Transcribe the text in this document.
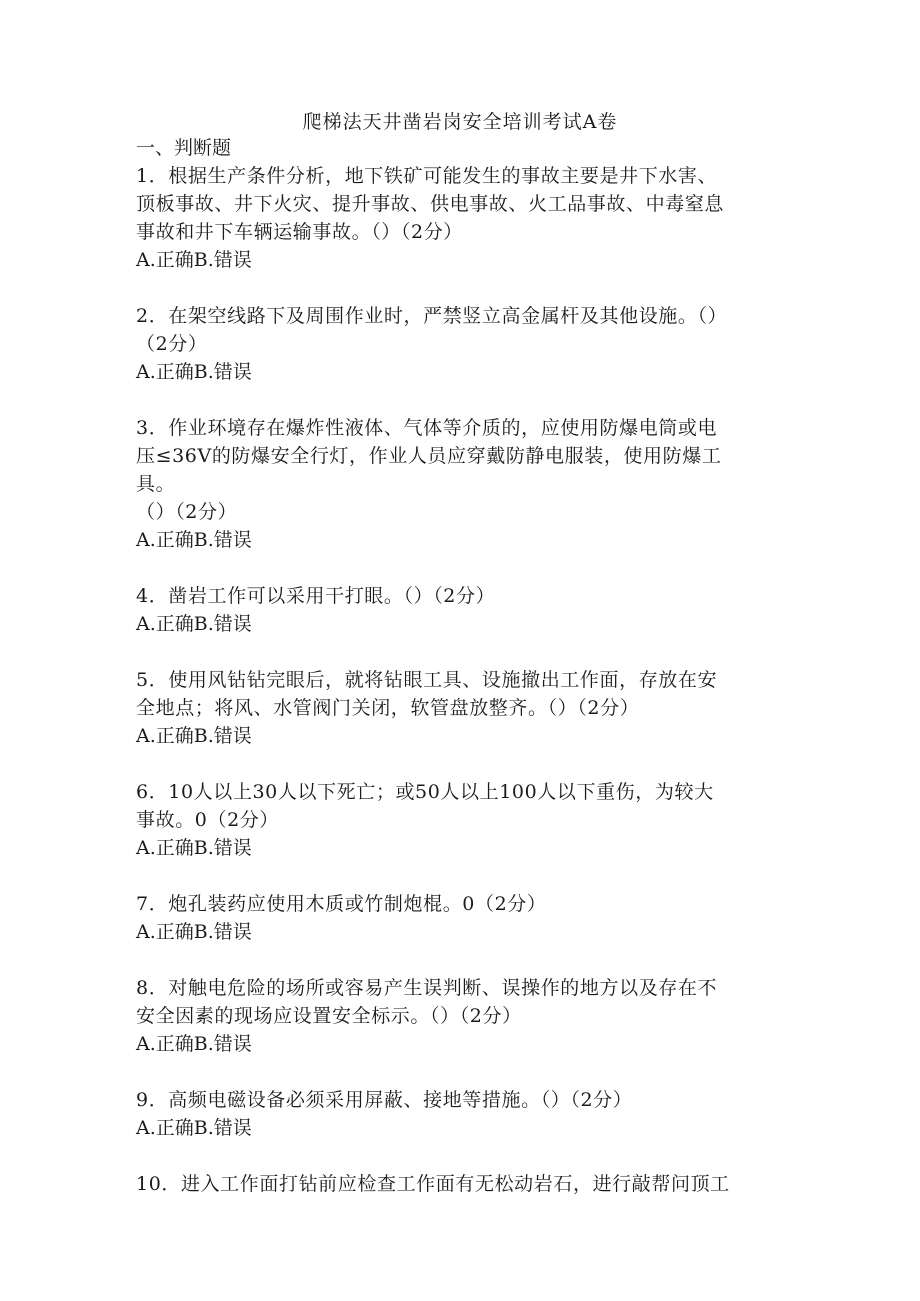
爬梯法天井凿岩岗安全培训考试A卷
一、判断题
1．根据生产条件分析，地下铁矿可能发生的事故主要是井下水害、
顶板事故、井下火灾、提升事故、供电事故、火工品事故、中毒窒息
事故和井下车辆运输事故。（）（2分）
A.正确B.错误
2．在架空线路下及周围作业时，严禁竖立高金属杆及其他设施。（）
（2分）
A.正确B.错误
3．作业环境存在爆炸性液体、气体等介质的，应使用防爆电筒或电
压≤36V的防爆安全行灯，作业人员应穿戴防静电服装，使用防爆工
具。
（）（2分）
A.正确B.错误
4．凿岩工作可以采用干打眼。（）（2分）
A.正确B.错误
5．使用风钻钻完眼后，就将钻眼工具、设施撤出工作面，存放在安
全地点；将风、水管阀门关闭，软管盘放整齐。（）（2分）
A.正确B.错误
6．10人以上30人以下死亡；或50人以上100人以下重伤，为较大
事故。0（2分）
A.正确B.错误
7．炮孔装药应使用木质或竹制炮棍。0（2分）
A.正确B.错误
8．对触电危险的场所或容易产生误判断、误操作的地方以及存在不
安全因素的现场应设置安全标示。（）（2分）
A.正确B.错误
9．高频电磁设备必须采用屏蔽、接地等措施。（）（2分）
A.正确B.错误
10．进入工作面打钻前应检查工作面有无松动岩石，进行敲帮问顶工
